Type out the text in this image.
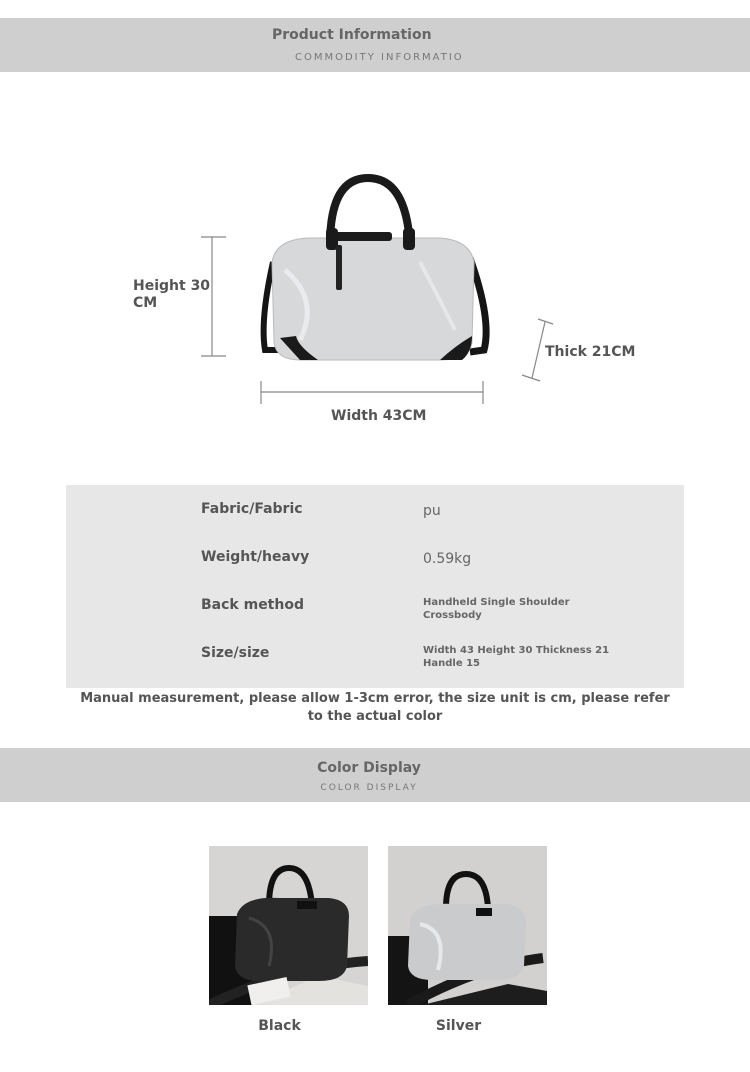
Product Information
COMMODITY INFORMATIO
Height 30
CM
Width 43CM
Thick 21CM
Fabric/Fabric	pu
Weight/heavy	0.59kg
Back method	Handheld Single Shoulder Crossbody
Size/size	Width 43 Height 30 Thickness 21 Handle 15
Manual measurement, please allow 1-3cm error, the size unit is cm, please refer to the actual color
Color Display
COLOR DISPLAY
Black	Silver
